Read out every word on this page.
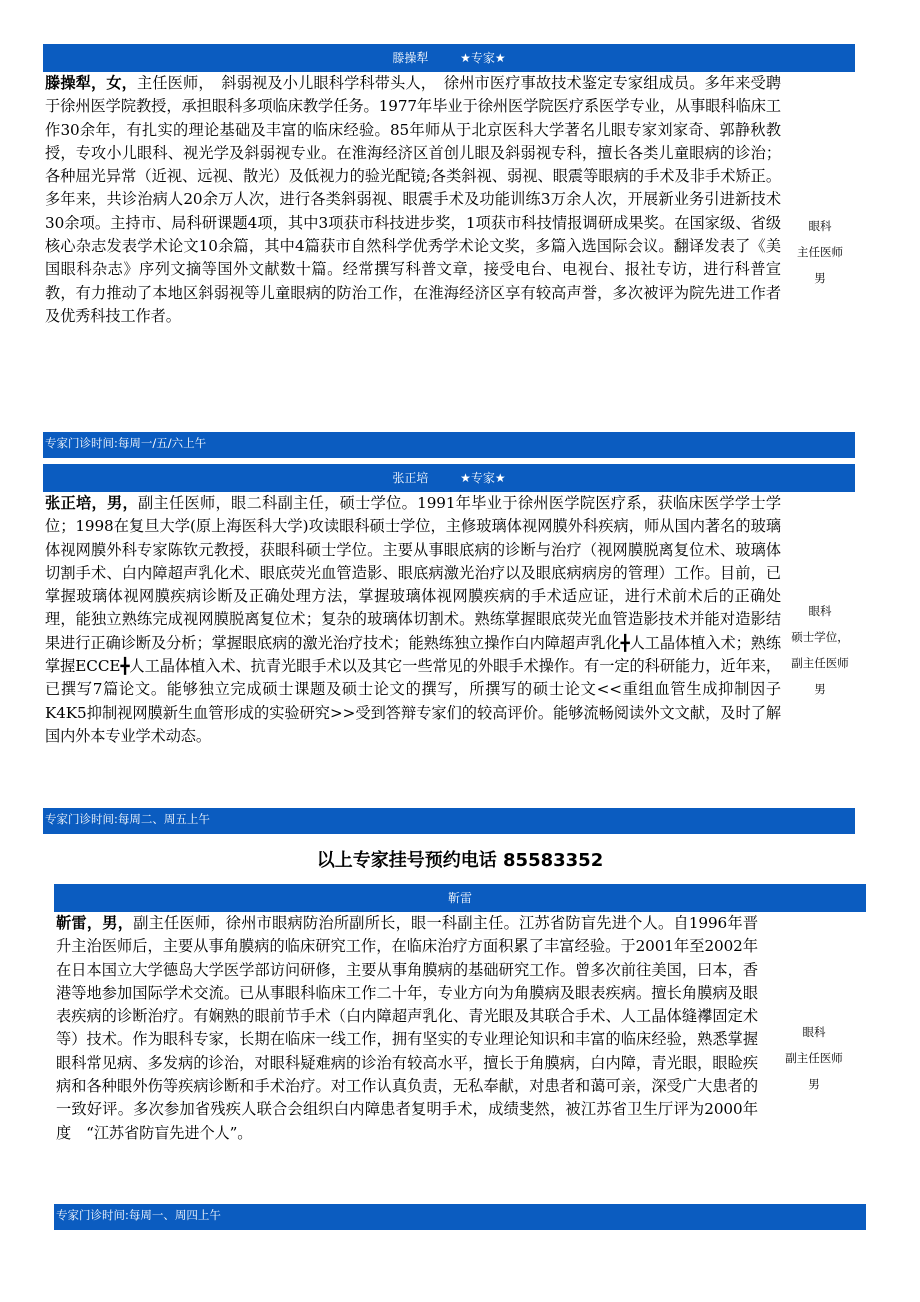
滕操犁	★专家★
滕操犁，女，主任医师，　斜弱视及小儿眼科学科带头人，　徐州市医疗事故技术鉴定专家组成员。多年来受聘于徐州医学院教授，承担眼科多项临床教学任务。1977年毕业于徐州医学院医疗系医学专业，从事眼科临床工作30余年，有扎实的理论基础及丰富的临床经验。85年师从于北京医科大学著名儿眼专家刘家奇、郭静秋教授，专攻小儿眼科、视光学及斜弱视专业。在淮海经济区首创儿眼及斜弱视专科，擅长各类儿童眼病的诊治；各种屈光异常（近视、远视、散光）及低视力的验光配镜;各类斜视、弱视、眼震等眼病的手术及非手术矫正。多年来，共诊治病人20余万人次，进行各类斜弱视、眼震手术及功能训练3万余人次，开展新业务引进新技术30余项。主持市、局科研课题4项，其中3项获市科技进步奖，1项获市科技情报调研成果奖。在国家级、省级核心杂志发表学术论文10余篇，其中4篇获市自然科学优秀学术论文奖，多篇入选国际会议。翻译发表了《美国眼科杂志》序列文摘等国外文献数十篇。经常撰写科普文章，接受电台、电视台、报社专访，进行科普宣教，有力推动了本地区斜弱视等儿童眼病的防治工作，在淮海经济区享有较高声誉，多次被评为院先进工作者及优秀科技工作者。
眼科
主任医师
男
专家门诊时间:每周一/五/六上午
张正培	★专家★
张正培，男，副主任医师，眼二科副主任，硕士学位。1991年毕业于徐州医学院医疗系，获临床医学学士学位；1998在复旦大学(原上海医科大学)攻读眼科硕士学位，主修玻璃体视网膜外科疾病，师从国内著名的玻璃体视网膜外科专家陈钦元教授，获眼科硕士学位。主要从事眼底病的诊断与治疗（视网膜脱离复位术、玻璃体切割手术、白内障超声乳化术、眼底荧光血管造影、眼底病激光治疗以及眼底病病房的管理）工作。目前，已掌握玻璃体视网膜疾病诊断及正确处理方法，掌握玻璃体视网膜疾病的手术适应证，进行术前术后的正确处理，能独立熟练完成视网膜脱离复位术；复杂的玻璃体切割术。熟练掌握眼底荧光血管造影技术并能对造影结果进行正确诊断及分析；掌握眼底病的激光治疗技术；能熟练独立操作白内障超声乳化╋人工晶体植入术；熟练掌握ECCE╋人工晶体植入术、抗青光眼手术以及其它一些常见的外眼手术操作。有一定的科研能力，近年来，已撰写7篇论文。能够独立完成硕士课题及硕士论文的撰写，所撰写的硕士论文<<重组血管生成抑制因子K4K5抑制视网膜新生血管形成的实验研究>>受到答辩专家们的较高评价。能够流畅阅读外文文献，及时了解国内外本专业学术动态。
眼科
硕士学位，
副主任医师
男
专家门诊时间:每周二、周五上午
以上专家挂号预约电话 85583352
靳雷
靳雷，男，副主任医师，徐州市眼病防治所副所长，眼一科副主任。江苏省防盲先进个人。自1996年晋升主治医师后，主要从事角膜病的临床研究工作，在临床治疗方面积累了丰富经验。于2001年至2002年在日本国立大学德岛大学医学部访问研修，主要从事角膜病的基础研究工作。曾多次前往美国，曰本，香港等地参加国际学术交流。已从事眼科临床工作二十年，专业方向为角膜病及眼表疾病。擅长角膜病及眼表疾病的诊断治疗。有娴熟的眼前节手术（白内障超声乳化、青光眼及其联合手术、人工晶体缝襻固定术等）技术。作为眼科专家，长期在临床一线工作，拥有坚实的专业理论知识和丰富的临床经验，熟悉掌握眼科常见病、多发病的诊治，对眼科疑难病的诊治有较高水平，擅长于角膜病，白内障，青光眼，眼睑疾病和各种眼外伤等疾病诊断和手术治疗。对工作认真负责，无私奉献，对患者和蔼可亲，深受广大患者的一致好评。多次参加省残疾人联合会组织白内障患者复明手术，成绩斐然，被江苏省卫生厅评为2000年度　“江苏省防盲先进个人”。
眼科
副主任医师
男
专家门诊时间:每周一、周四上午
